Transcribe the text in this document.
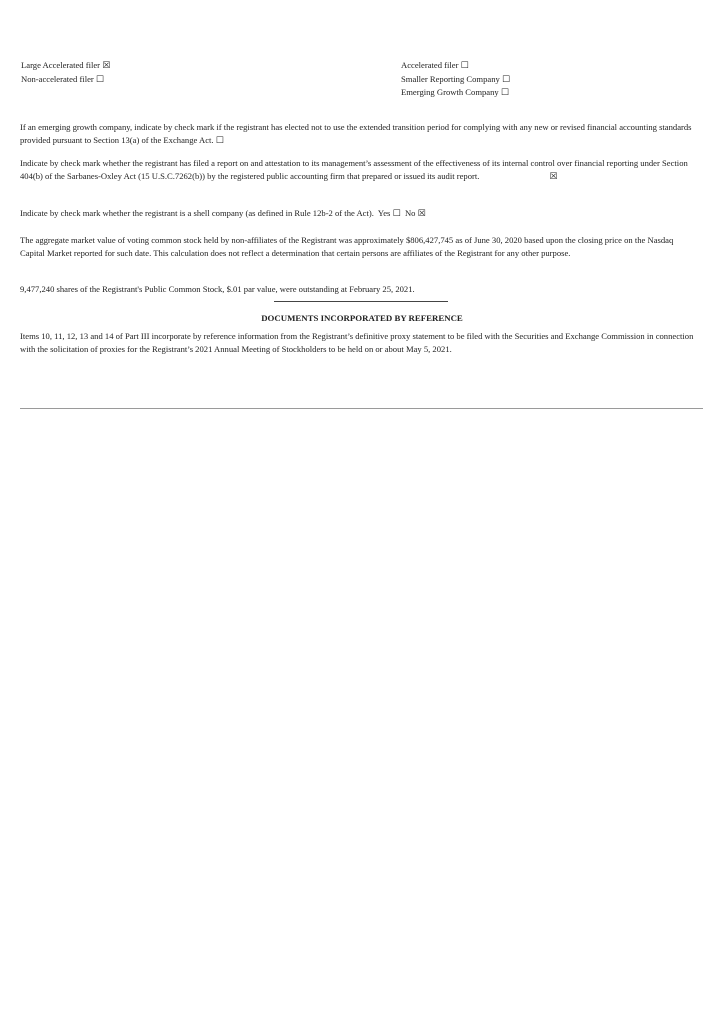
Large Accelerated filer ☒
Non-accelerated filer ☐
Accelerated filer ☐
Smaller Reporting Company ☐
Emerging Growth Company ☐

If an emerging growth company, indicate by check mark if the registrant has elected not to use the extended transition period for complying with any new or revised financial accounting standards provided pursuant to Section 13(a) of the Exchange Act. ☐

Indicate by check mark whether the registrant has filed a report on and attestation to its management’s assessment of the effectiveness of its internal control over financial reporting under Section 404(b) of the Sarbanes-Oxley Act (15 U.S.C.7262(b)) by the registered public accounting firm that prepared or issued its audit report.	☒

Indicate by check mark whether the registrant is a shell company (as defined in Rule 12b-2 of the Act). Yes ☐ No ☒

The aggregate market value of voting common stock held by non-affiliates of the Registrant was approximately $806,427,745 as of June 30, 2020 based upon the closing price on the Nasdaq Capital Market reported for such date. This calculation does not reflect a determination that certain persons are affiliates of the Registrant for any other purpose.

9,477,240 shares of the Registrant's Public Common Stock, $.01 par value, were outstanding at February 25, 2021.

DOCUMENTS INCORPORATED BY REFERENCE

Items 10, 11, 12, 13 and 14 of Part III incorporate by reference information from the Registrant’s definitive proxy statement to be filed with the Securities and Exchange Commission in connection with the solicitation of proxies for the Registrant’s 2021 Annual Meeting of Stockholders to be held on or about May 5, 2021.
